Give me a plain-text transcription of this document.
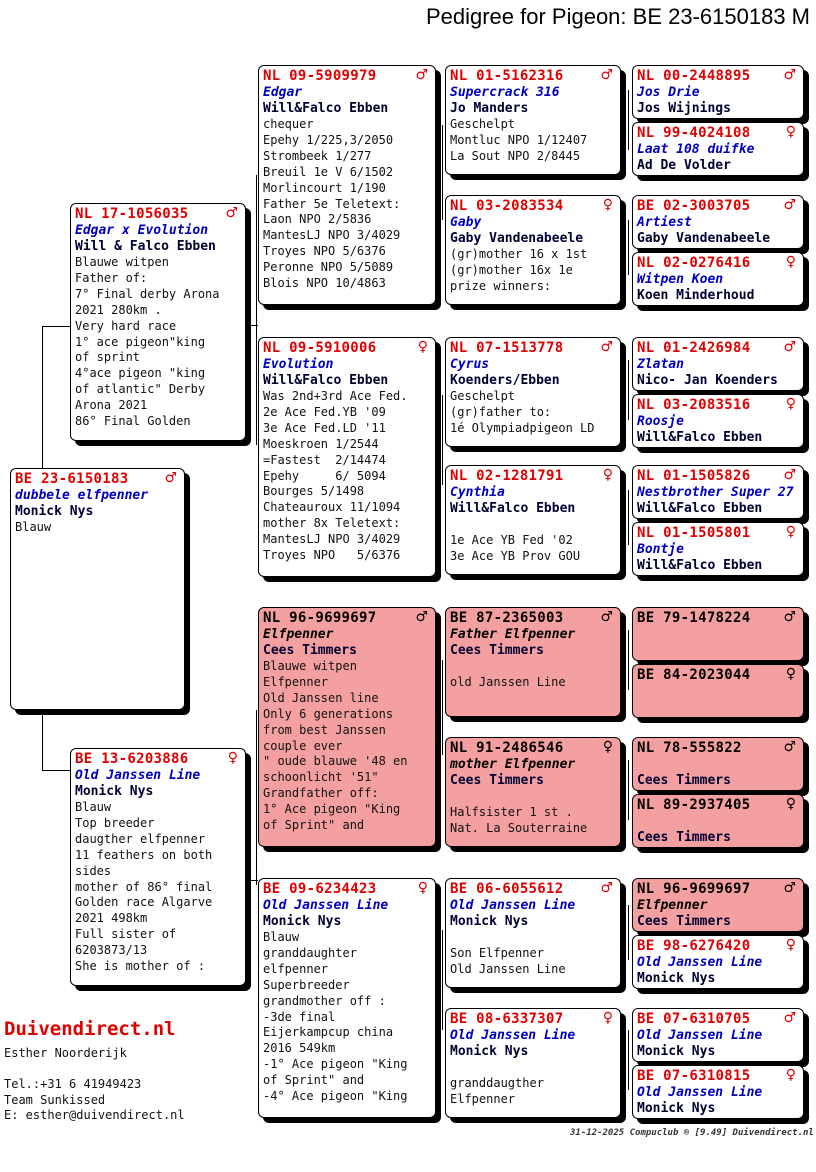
Pedigree for Pigeon: BE 23-6150183 M
BE 23-6150183	♂
dubbele elfpenner
Monick Nys
Blauw
NL 17-1056035	♂
Edgar x Evolution
Will & Falco Ebben
Blauwe witpen
Father of:
7° Final derby Arona
2021 280km .
Very hard race
1° ace pigeon"king
of sprint
4°ace pigeon "king
of atlantic" Derby
Arona 2021
86° Final Golden
BE 13-6203886	♀
Old Janssen Line
Monick Nys
Blauw
Top breeder
daugther elfpenner
11 feathers on both
sides
mother of 86° final
Golden race Algarve
2021 498km
Full sister of
6203873/13
She is mother of :
NL 09-5909979	♂
Edgar
Will&Falco Ebben
chequer
Epehy 1/225,3/2050
Strombeek 1/277
Breuil 1e V 6/1502
Morlincourt 1/190
Father 5e Teletext:
Laon NPO 2/5836
MantesLJ NPO 3/4029
Troyes NPO 5/6376
Peronne NPO 5/5089
Blois NPO 10/4863
NL 09-5910006	♀
Evolution
Will&Falco Ebben
Was 2nd+3rd Ace Fed.
2e Ace Fed.YB '09
3e Ace Fed.LD '11
Moeskroen 1/2544
=Fastest  2/14474
Epehy     6/ 5094
Bourges 5/1498
Chateauroux 11/1094
mother 8x Teletext:
MantesLJ NPO 3/4029
Troyes NPO   5/6376
NL 96-9699697	♂
Elfpenner
Cees Timmers
Blauwe witpen
Elfpenner
Old Janssen line
Only 6 generations
from best Janssen
couple ever
" oude blauwe '48 en
schoonlicht '51"
Grandfather off:
1° Ace pigeon "King
of Sprint" and
BE 09-6234423	♀
Old Janssen Line
Monick Nys
Blauw
granddaughter
elfpenner
Superbreeder
grandmother off :
-3de final
Eijerkampcup china
2016 549km
-1° Ace pigeon "King
of Sprint" and
-4° Ace pigeon "King
NL 01-5162316	♂
Supercrack 316
Jo Manders
Geschelpt
Montluc NPO 1/12407
La Sout NPO 2/8445
NL 03-2083534	♀
Gaby
Gaby Vandenabeele
(gr)mother 16 x 1st
(gr)mother 16x 1e
prize winners:
NL 07-1513778	♂
Cyrus
Koenders/Ebben
Geschelpt
(gr)father to:
1é Olympiadpigeon LD
NL 02-1281791	♀
Cynthia
Will&Falco Ebben

1e Ace YB Fed '02
3e Ace YB Prov GOU
BE 87-2365003	♂
Father Elfpenner
Cees Timmers

old Janssen Line
NL 91-2486546	♀
mother Elfpenner
Cees Timmers

Halfsister 1 st .
Nat. La Souterraine
BE 06-6055612	♂
Old Janssen Line
Monick Nys

Son Elfpenner
Old Janssen Line
BE 08-6337307	♀
Old Janssen Line
Monick Nys

granddaugther
Elfpenner
NL 00-2448895	♂
Jos Drie
Jos Wijnings
NL 99-4024108	♀
Laat 108 duifke
Ad De Volder
BE 02-3003705	♂
Artiest
Gaby Vandenabeele
NL 02-0276416	♀
Witpen Koen
Koen Minderhoud
NL 01-2426984	♂
Zlatan
Nico- Jan Koenders
NL 03-2083516	♀
Roosje
Will&Falco Ebben
NL 01-1505826	♂
Nestbrother Super 27
Will&Falco Ebben
NL 01-1505801	♀
Bontje
Will&Falco Ebben
BE 79-1478224	♂
BE 84-2023044	♀
NL 78-555822	♂
Cees Timmers
NL 89-2937405	♀
Cees Timmers
NL 96-9699697	♂
Elfpenner
Cees Timmers
BE 98-6276420	♀
Old Janssen Line
Monick Nys
BE 07-6310705	♂
Old Janssen Line
Monick Nys
BE 07-6310815	♀
Old Janssen Line
Monick Nys
Duivendirect.nl
Esther Noorderijk

Tel.:+31 6 41949423
Team Sunkissed
E: esther@duivendirect.nl
31-12-2025 Compuclub ® [9.49] Duivendirect.nl
